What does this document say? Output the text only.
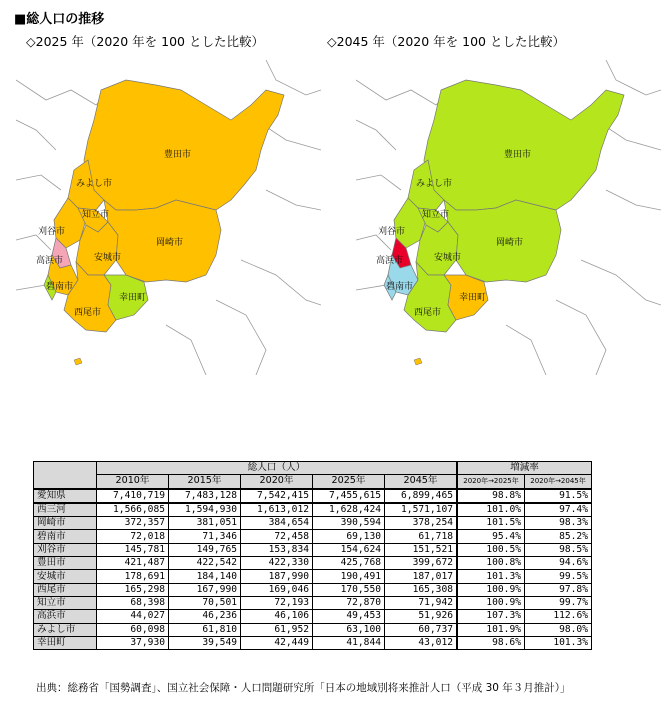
■総人口の推移
◇2025 年（2020 年を 100 とした比較）	◇2045 年（2020 年を 100 とした比較）
豊田市
みよし市
知立市
刈谷市
安城市
岡崎市
高浜市
碧南市
幸田町
西尾市
豊田市
みよし市
知立市
刈谷市
安城市
岡崎市
高浜市
碧南市
幸田町
西尾市
	総人口（人）					増減率	
	2010年	2015年	2020年	2025年	2045年	2020年→2025年	2020年→2045年
愛知県	7,410,719	7,483,128	7,542,415	7,455,615	6,899,465	98.8%	91.5%
西三河	1,566,085	1,594,930	1,613,012	1,628,424	1,571,107	101.0%	97.4%
岡崎市	372,357	381,051	384,654	390,594	378,254	101.5%	98.3%
碧南市	72,018	71,346	72,458	69,130	61,718	95.4%	85.2%
刈谷市	145,781	149,765	153,834	154,624	151,521	100.5%	98.5%
豊田市	421,487	422,542	422,330	425,768	399,672	100.8%	94.6%
安城市	178,691	184,140	187,990	190,491	187,017	101.3%	99.5%
西尾市	165,298	167,990	169,046	170,550	165,308	100.9%	97.8%
知立市	68,398	70,501	72,193	72,870	71,942	100.9%	99.7%
高浜市	44,027	46,236	46,106	49,453	51,926	107.3%	112.6%
みよし市	60,098	61,810	61,952	63,100	60,737	101.9%	98.0%
幸田町	37,930	39,549	42,449	41,844	43,012	98.6%	101.3%
出典：総務省「国勢調査」、国立社会保障・人口問題研究所「日本の地域別将来推計人口（平成 30 年３月推計）」
